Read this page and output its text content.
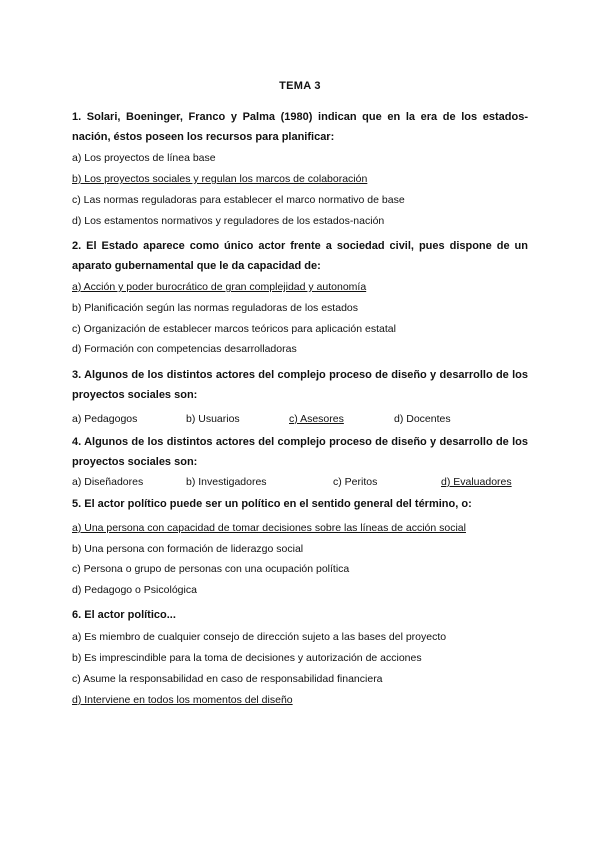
TEMA 3
1. Solari, Boeninger, Franco y Palma (1980) indican que en la era de los estados-nación, éstos poseen los recursos para planificar:
a) Los proyectos de línea base
b) Los proyectos sociales y regulan los marcos de colaboración
c) Las normas reguladoras para establecer el marco normativo de base
d) Los estamentos normativos y reguladores de los estados-nación
2. El Estado aparece como único actor frente a sociedad civil, pues dispone de un aparato gubernamental que le da capacidad de:
a) Acción y poder burocrático de gran complejidad y autonomía
b) Planificación según las normas reguladoras de los estados
c) Organización de establecer marcos teóricos para aplicación estatal
d) Formación con competencias desarrolladoras
3. Algunos de los distintos actores del complejo proceso de diseño y desarrollo de los proyectos sociales son:
a) Pedagogos	b) Usuarios	c) Asesores	d) Docentes
4. Algunos de los distintos actores del complejo proceso de diseño y desarrollo de los proyectos sociales son:
a) Diseñadores	b) Investigadores	c) Peritos	d) Evaluadores
5. El actor político puede ser un político en el sentido general del término, o:
a) Una persona con capacidad de tomar decisiones sobre las líneas de acción social
b) Una persona con formación de liderazgo social
c) Persona o grupo de personas con una ocupación política
d) Pedagogo o Psicológica
6. El actor político...
a) Es miembro de cualquier consejo de dirección sujeto a las bases del proyecto
b) Es imprescindible para la toma de decisiones y autorización de acciones
c) Asume la responsabilidad en caso de responsabilidad financiera
d) Interviene en todos los momentos del diseño
